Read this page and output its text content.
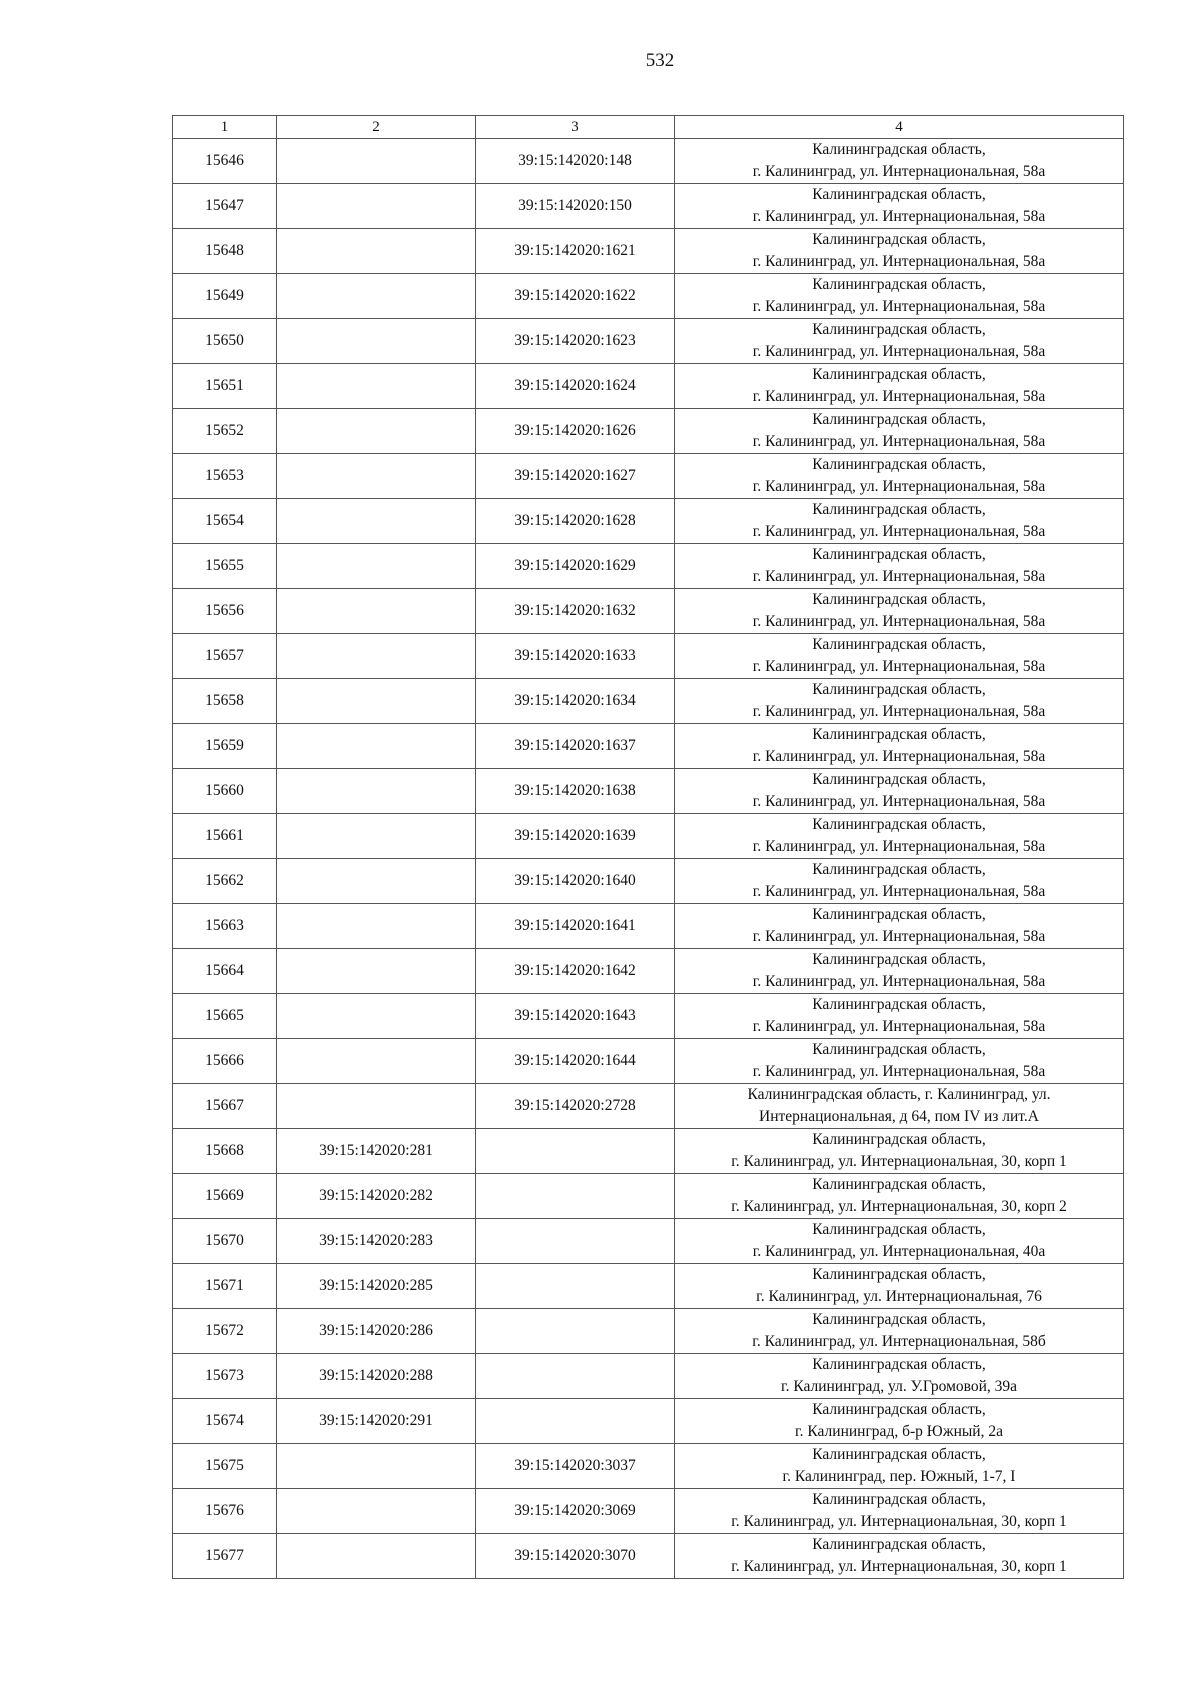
532
1	2	3	4
15646		39:15:142020:148	Калининградская область,
г. Калининград, ул. Интернациональная, 58а

15647		39:15:142020:150	Калининградская область,
г. Калининград, ул. Интернациональная, 58а

15648		39:15:142020:1621	Калининградская область,
г. Калининград, ул. Интернациональная, 58а

15649		39:15:142020:1622	Калининградская область,
г. Калининград, ул. Интернациональная, 58а

15650		39:15:142020:1623	Калининградская область,
г. Калининград, ул. Интернациональная, 58а

15651		39:15:142020:1624	Калининградская область,
г. Калининград, ул. Интернациональная, 58а

15652		39:15:142020:1626	Калининградская область,
г. Калининград, ул. Интернациональная, 58а

15653		39:15:142020:1627	Калининградская область,
г. Калининград, ул. Интернациональная, 58а

15654		39:15:142020:1628	Калининградская область,
г. Калининград, ул. Интернациональная, 58а

15655		39:15:142020:1629	Калининградская область,
г. Калининград, ул. Интернациональная, 58а

15656		39:15:142020:1632	Калининградская область,
г. Калининград, ул. Интернациональная, 58а

15657		39:15:142020:1633	Калининградская область,
г. Калининград, ул. Интернациональная, 58а

15658		39:15:142020:1634	Калининградская область,
г. Калининград, ул. Интернациональная, 58а

15659		39:15:142020:1637	Калининградская область,
г. Калининград, ул. Интернациональная, 58а

15660		39:15:142020:1638	Калининградская область,
г. Калининград, ул. Интернациональная, 58а

15661		39:15:142020:1639	Калининградская область,
г. Калининград, ул. Интернациональная, 58а

15662		39:15:142020:1640	Калининградская область,
г. Калининград, ул. Интернациональная, 58а

15663		39:15:142020:1641	Калининградская область,
г. Калининград, ул. Интернациональная, 58а

15664		39:15:142020:1642	Калининградская область,
г. Калининград, ул. Интернациональная, 58а

15665		39:15:142020:1643	Калининградская область,
г. Калининград, ул. Интернациональная, 58а

15666		39:15:142020:1644	Калининградская область,
г. Калининград, ул. Интернациональная, 58а

15667		39:15:142020:2728	Калининградская область, г. Калининград, ул.
Интернациональная, д 64, пом IV из лит.А

15668	39:15:142020:281		Калининградская область,
г. Калининград, ул. Интернациональная, 30, корп 1

15669	39:15:142020:282		Калининградская область,
г. Калининград, ул. Интернациональная, 30, корп 2

15670	39:15:142020:283		Калининградская область,
г. Калининград, ул. Интернациональная, 40а

15671	39:15:142020:285		Калининградская область,
г. Калининград, ул. Интернациональная, 76

15672	39:15:142020:286		Калининградская область,
г. Калининград, ул. Интернациональная, 58б

15673	39:15:142020:288		Калининградская область,
г. Калининград, ул. У.Громовой, 39а

15674	39:15:142020:291		Калининградская область,
г. Калининград, б-р Южный, 2а

15675		39:15:142020:3037	Калининградская область,
г. Калининград, пер. Южный, 1-7, I

15676		39:15:142020:3069	Калининградская область,
г. Калининград, ул. Интернациональная, 30, корп 1

15677		39:15:142020:3070	Калининградская область,
г. Калининград, ул. Интернациональная, 30, корп 1
